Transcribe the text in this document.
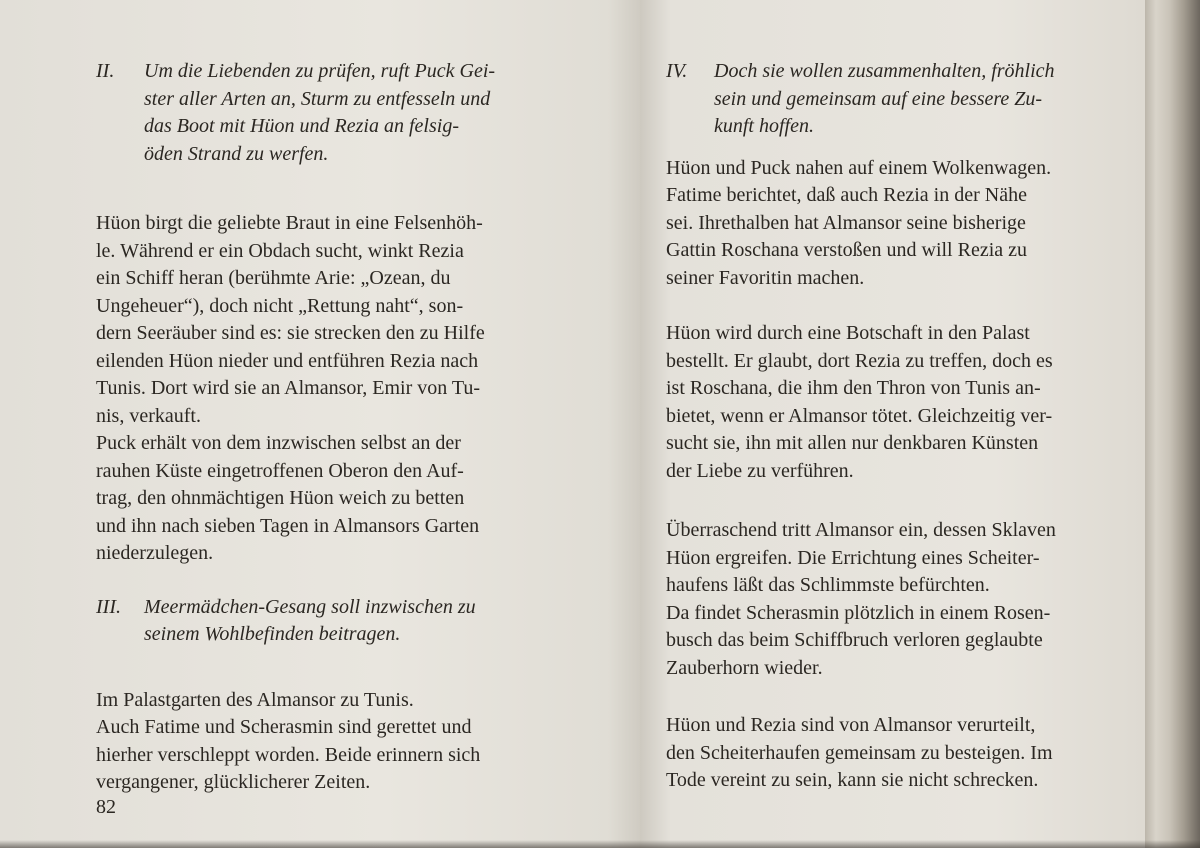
II.	Um die Liebenden zu prüfen, ruft Puck Gei-
ster aller Arten an, Sturm zu entfesseln und
das Boot mit Hüon und Rezia an felsig-
öden Strand zu werfen.

Hüon birgt die geliebte Braut in eine Felsenhöh-
le. Während er ein Obdach sucht, winkt Rezia
ein Schiff heran (berühmte Arie: „Ozean, du
Ungeheuer“), doch nicht „Rettung naht“, son-
dern Seeräuber sind es: sie strecken den zu Hilfe
eilenden Hüon nieder und entführen Rezia nach
Tunis. Dort wird sie an Almansor, Emir von Tu-
nis, verkauft.

Puck erhält von dem inzwischen selbst an der
rauhen Küste eingetroffenen Oberon den Auf-
trag, den ohnmächtigen Hüon weich zu betten
und ihn nach sieben Tagen in Almansors Garten
niederzulegen.

III.	Meermädchen-Gesang soll inzwischen zu
seinem Wohlbefinden beitragen.

Im Palastgarten des Almansor zu Tunis.
Auch Fatime und Scherasmin sind gerettet und
hierher verschleppt worden. Beide erinnern sich
vergangener, glücklicherer Zeiten.

82
IV.	Doch sie wollen zusammenhalten, fröhlich
sein und gemeinsam auf eine bessere Zu-
kunft hoffen.

Hüon und Puck nahen auf einem Wolkenwagen.
Fatime berichtet, daß auch Rezia in der Nähe
sei. Ihrethalben hat Almansor seine bisherige
Gattin Roschana verstoßen und will Rezia zu
seiner Favoritin machen.

Hüon wird durch eine Botschaft in den Palast
bestellt. Er glaubt, dort Rezia zu treffen, doch es
ist Roschana, die ihm den Thron von Tunis an-
bietet, wenn er Almansor tötet. Gleichzeitig ver-
sucht sie, ihn mit allen nur denkbaren Künsten
der Liebe zu verführen.

Überraschend tritt Almansor ein, dessen Sklaven
Hüon ergreifen. Die Errichtung eines Scheiter-
haufens läßt das Schlimmste befürchten.

Da findet Scherasmin plötzlich in einem Rosen-
busch das beim Schiffbruch verloren geglaubte
Zauberhorn wieder.

Hüon und Rezia sind von Almansor verurteilt,
den Scheiterhaufen gemeinsam zu besteigen. Im
Tode vereint zu sein, kann sie nicht schrecken.
